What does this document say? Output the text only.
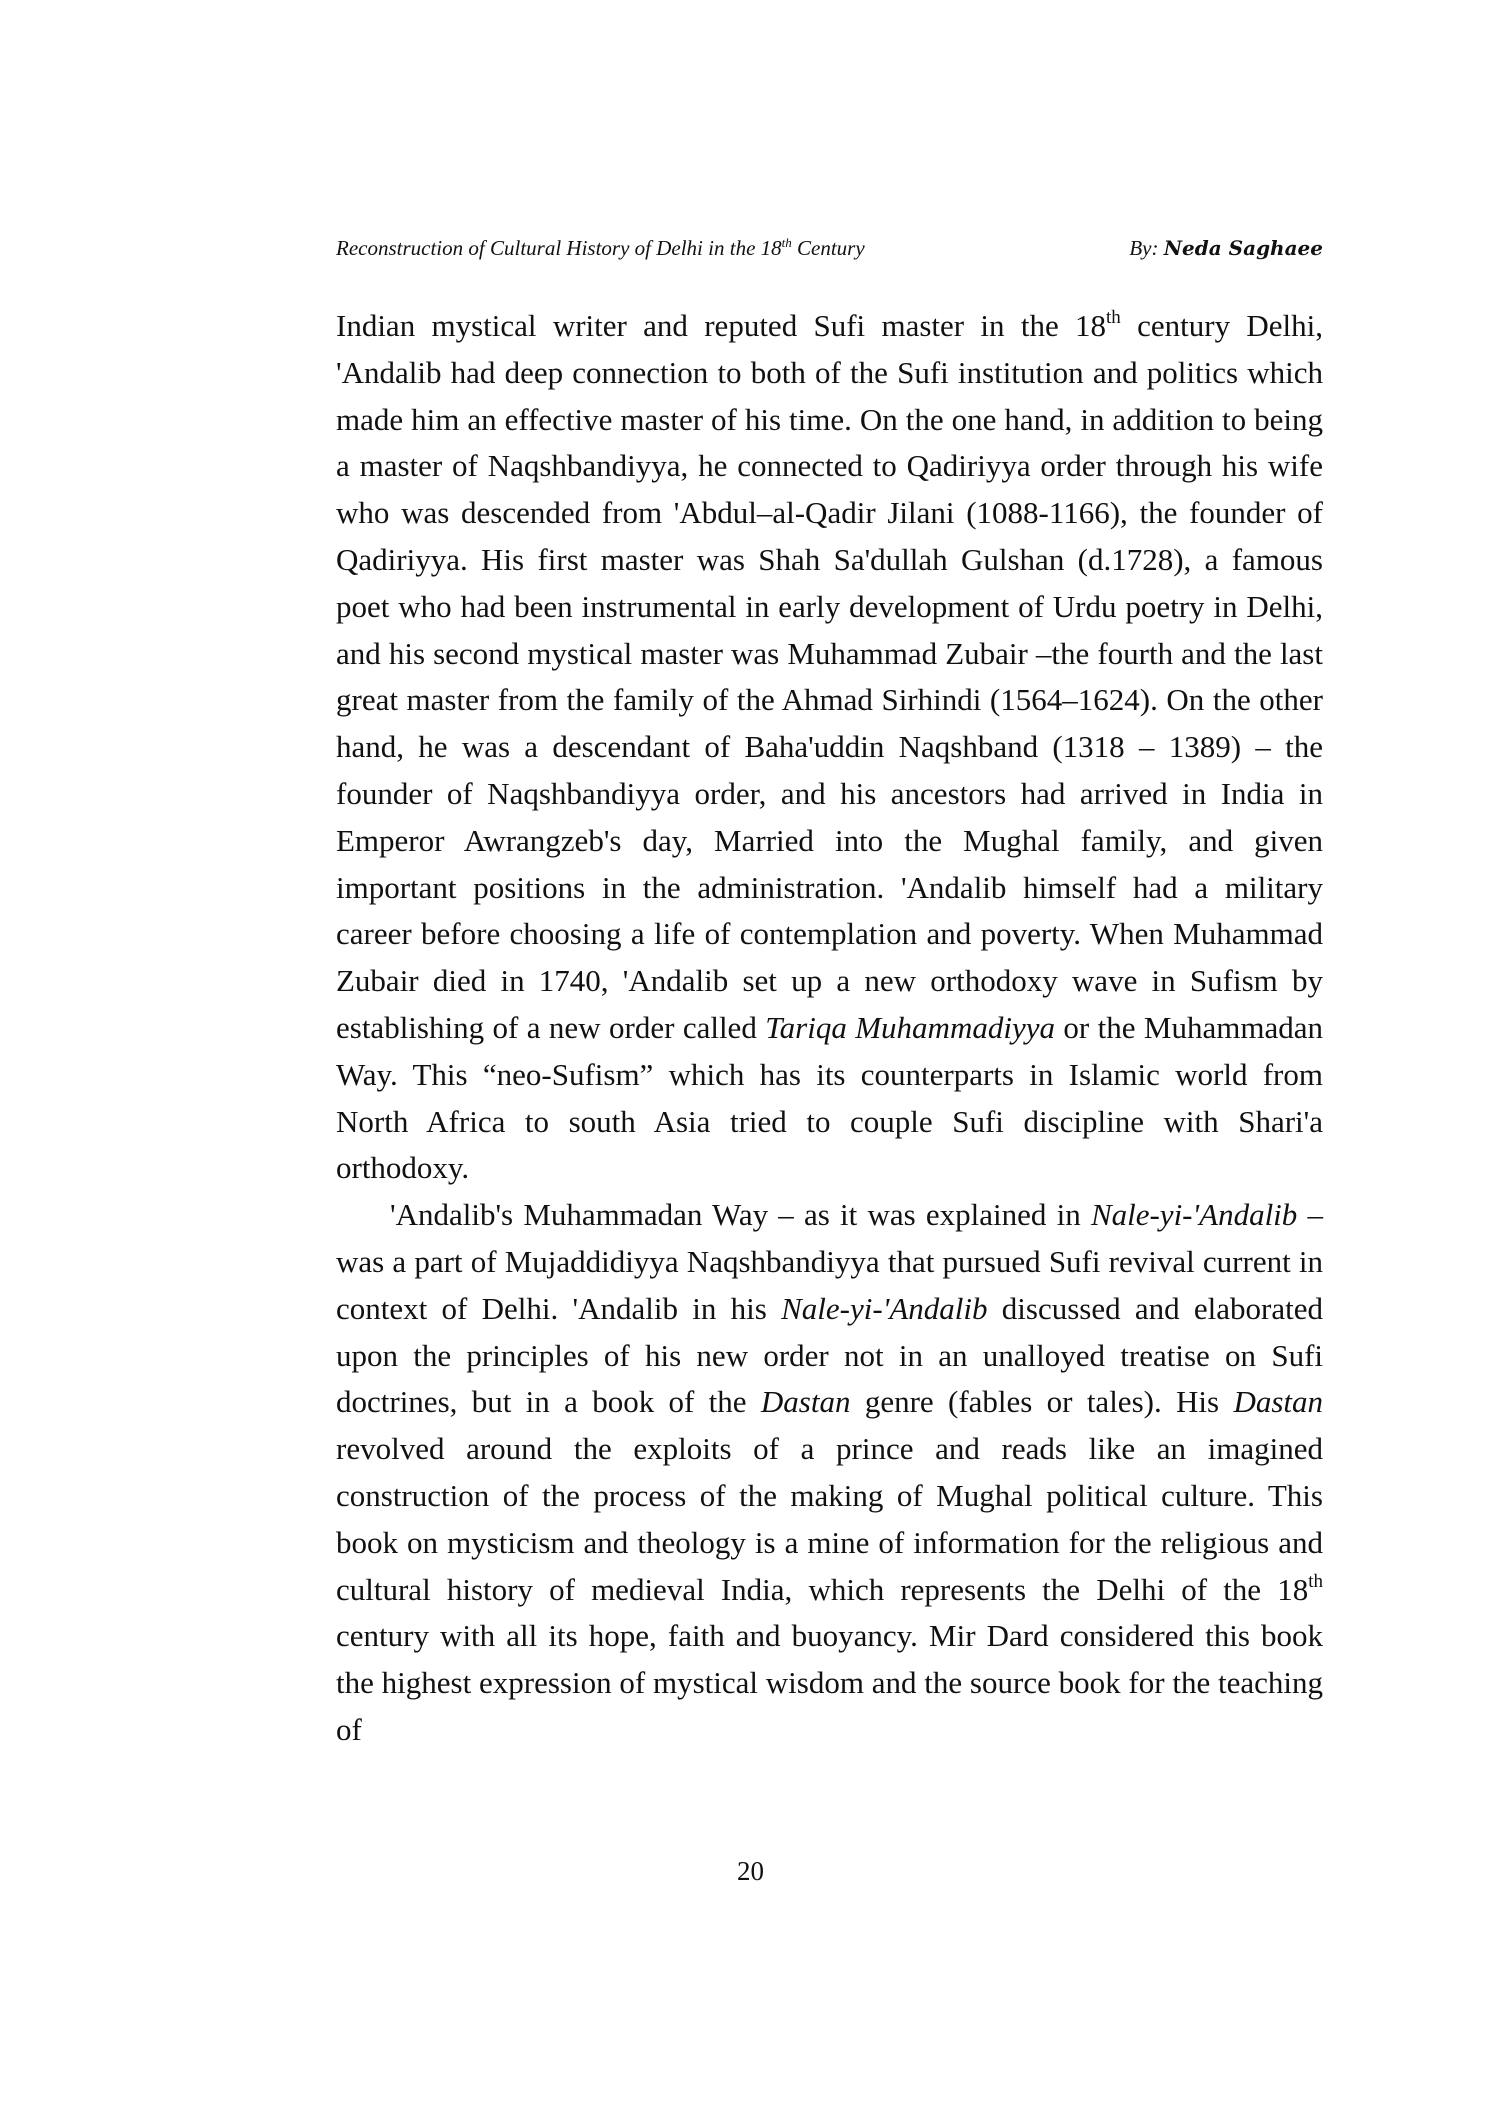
Reconstruction of Cultural History of Delhi in the 18th Century	By: Neda Saghaee

Indian mystical writer and reputed Sufi master in the 18th century Delhi, 'Andalib had deep connection to both of the Sufi institution and politics which made him an effective master of his time. On the one hand, in addition to being a master of Naqshbandiyya, he connected to Qadiriyya order through his wife who was descended from 'Abdul–al-Qadir Jilani (1088-1166), the founder of Qadiriyya. His first master was Shah Sa'dullah Gulshan (d.1728), a famous poet who had been instrumental in early development of Urdu poetry in Delhi, and his second mystical master was Muhammad Zubair –the fourth and the last great master from the family of the Ahmad Sirhindi (1564–1624). On the other hand, he was a descendant of Baha'uddin Naqshband (1318 – 1389) – the founder of Naqshbandiyya order, and his ancestors had arrived in India in Emperor Awrangzeb's day, Married into the Mughal family, and given important positions in the administration. 'Andalib himself had a military career before choosing a life of contemplation and poverty. When Muhammad Zubair died in 1740, 'Andalib set up a new orthodoxy wave in Sufism by establishing of a new order called Tariqa Muhammadiyya or the Muhammadan Way. This “neo-Sufism” which has its counterparts in Islamic world from North Africa to south Asia tried to couple Sufi discipline with Shari'a orthodoxy.

'Andalib's Muhammadan Way – as it was explained in Nale-yi-'Andalib – was a part of Mujaddidiyya Naqshbandiyya that pursued Sufi revival current in context of Delhi. 'Andalib in his Nale-yi-'Andalib discussed and elaborated upon the principles of his new order not in an unalloyed treatise on Sufi doctrines, but in a book of the Dastan genre (fables or tales). His Dastan revolved around the exploits of a prince and reads like an imagined construction of the process of the making of Mughal political culture. This book on mysticism and theology is a mine of information for the religious and cultural history of medieval India, which represents the Delhi of the 18th century with all its hope, faith and buoyancy. Mir Dard considered this book the highest expression of mystical wisdom and the source book for the teaching of

20
